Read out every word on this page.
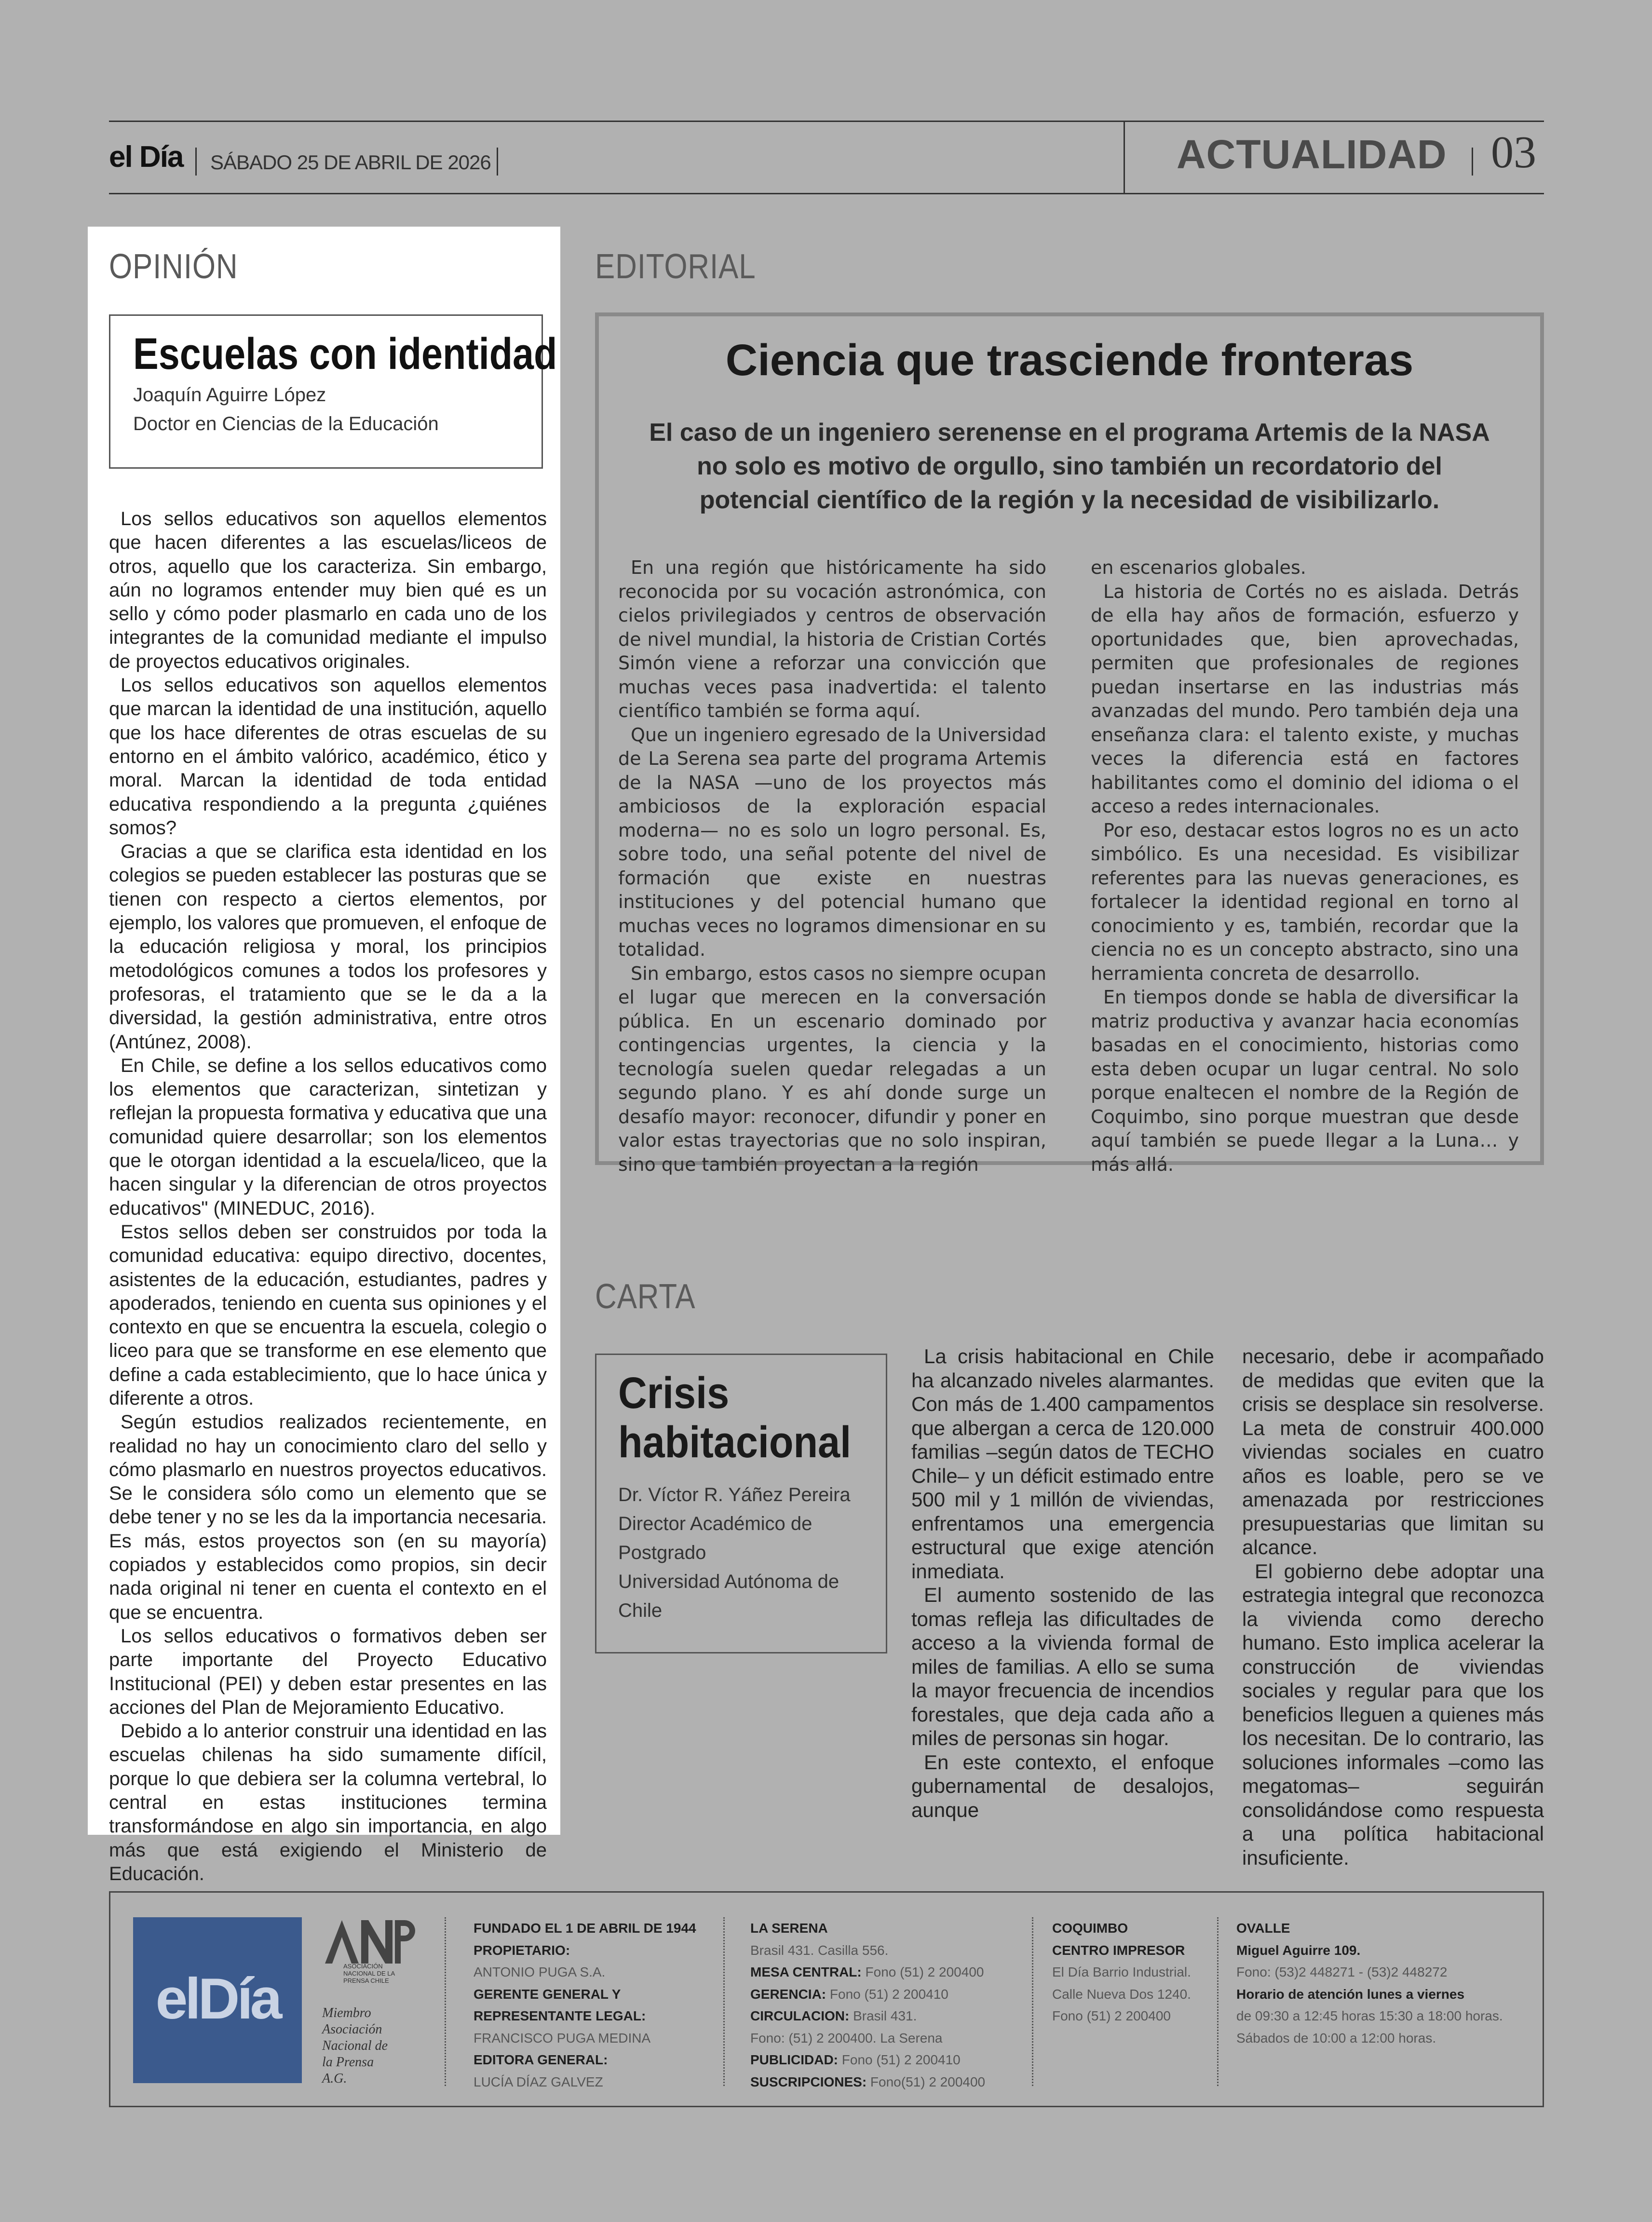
el Día SÁBADO 25 DE ABRIL DE 2026	ACTUALIDAD 03
OPINIÓN
Escuelas con identidad
Joaquín Aguirre López
Doctor en Ciencias de la Educación

Los sellos educativos son aquellos elementos que hacen diferentes a las escuelas/liceos de otros, aquello que los caracteriza. Sin embargo, aún no logramos entender muy bien qué es un sello y cómo poder plasmarlo en cada uno de los integrantes de la comunidad mediante el impulso de proyectos educativos originales.

Los sellos educativos son aquellos elementos que marcan la identidad de una institución, aquello que los hace diferentes de otras escuelas de su entorno en el ámbito valórico, académico, ético y moral. Marcan la identidad de toda entidad educativa respondiendo a la pregunta ¿quiénes somos?

Gracias a que se clarifica esta identidad en los colegios se pueden establecer las posturas que se tienen con respecto a ciertos elementos, por ejemplo, los valores que promueven, el enfoque de la educación religiosa y moral, los principios metodológicos comunes a todos los profesores y profesoras, el tratamiento que se le da a la diversidad, la gestión administrativa, entre otros (Antúnez, 2008).

En Chile, se define a los sellos educativos como los elementos que caracterizan, sintetizan y reflejan la propuesta formativa y educativa que una comunidad quiere desarrollar; son los elementos que le otorgan identidad a la escuela/liceo, que la hacen singular y la diferencian de otros proyectos educativos" (MINEDUC, 2016).

Estos sellos deben ser construidos por toda la comunidad educativa: equipo directivo, docentes, asistentes de la educación, estudiantes, padres y apoderados, teniendo en cuenta sus opiniones y el contexto en que se encuentra la escuela, colegio o liceo para que se transforme en ese elemento que define a cada establecimiento, que lo hace única y diferente a otros.

Según estudios realizados recientemente, en realidad no hay un conocimiento claro del sello y cómo plasmarlo en nuestros proyectos educativos. Se le considera sólo como un elemento que se debe tener y no se les da la importancia necesaria. Es más, estos proyectos son (en su mayoría) copiados y establecidos como propios, sin decir nada original ni tener en cuenta el contexto en el que se encuentra.

Los sellos educativos o formativos deben ser parte importante del Proyecto Educativo Institucional (PEI) y deben estar presentes en las acciones del Plan de Mejoramiento Educativo.

Debido a lo anterior construir una identidad en las escuelas chilenas ha sido sumamente difícil, porque lo que debiera ser la columna vertebral, lo central en estas instituciones termina transformándose en algo sin importancia, en algo más que está exigiendo el Ministerio de Educación.

EDITORIAL
Ciencia que trasciende fronteras
El caso de un ingeniero serenense en el programa Artemis de la NASA no solo es motivo de orgullo, sino también un recordatorio del potencial científico de la región y la necesidad de visibilizarlo.

En una región que históricamente ha sido reconocida por su vocación astronómica, con cielos privilegiados y centros de observación de nivel mundial, la historia de Cristian Cortés Simón viene a reforzar una convicción que muchas veces pasa inadvertida: el talento científico también se forma aquí.

Que un ingeniero egresado de la Universidad de La Serena sea parte del programa Artemis de la NASA —uno de los proyectos más ambiciosos de la exploración espacial moderna— no es solo un logro personal. Es, sobre todo, una señal potente del nivel de formación que existe en nuestras instituciones y del potencial humano que muchas veces no logramos dimensionar en su totalidad.

Sin embargo, estos casos no siempre ocupan el lugar que merecen en la conversación pública. En un escenario dominado por contingencias urgentes, la ciencia y la tecnología suelen quedar relegadas a un segundo plano. Y es ahí donde surge un desafío mayor: reconocer, difundir y poner en valor estas trayectorias que no solo inspiran, sino que también proyectan a la región

en escenarios globales.

La historia de Cortés no es aislada. Detrás de ella hay años de formación, esfuerzo y oportunidades que, bien aprovechadas, permiten que profesionales de regiones puedan insertarse en las industrias más avanzadas del mundo. Pero también deja una enseñanza clara: el talento existe, y muchas veces la diferencia está en factores habilitantes como el dominio del idioma o el acceso a redes internacionales.

Por eso, destacar estos logros no es un acto simbólico. Es una necesidad. Es visibilizar referentes para las nuevas generaciones, es fortalecer la identidad regional en torno al conocimiento y es, también, recordar que la ciencia no es un concepto abstracto, sino una herramienta concreta de desarrollo.

En tiempos donde se habla de diversificar la matriz productiva y avanzar hacia economías basadas en el conocimiento, historias como esta deben ocupar un lugar central. No solo porque enaltecen el nombre de la Región de Coquimbo, sino porque muestran que desde aquí también se puede llegar a la Luna… y más allá.

CARTA
Crisis habitacional
Dr. Víctor R. Yáñez Pereira
Director Académico de Postgrado
Universidad Autónoma de Chile

La crisis habitacional en Chile ha alcanzado niveles alarmantes. Con más de 1.400 campamentos que albergan a cerca de 120.000 familias –según datos de TECHO Chile– y un déficit estimado entre 500 mil y 1 millón de viviendas, enfrentamos una emergencia estructural que exige atención inmediata.

El aumento sostenido de las tomas refleja las dificultades de acceso a la vivienda formal de miles de familias. A ello se suma la mayor frecuencia de incendios forestales, que deja cada año a miles de personas sin hogar.

En este contexto, el enfoque gubernamental de desalojos, aunque

necesario, debe ir acompañado de medidas que eviten que la crisis se desplace sin resolverse. La meta de construir 400.000 viviendas sociales en cuatro años es loable, pero se ve amenazada por restricciones presupuestarias que limitan su alcance.

El gobierno debe adoptar una estrategia integral que reconozca la vivienda como derecho humano. Esto implica acelerar la construcción de viviendas sociales y regular para que los beneficios lleguen a quienes más los necesitan. De lo contrario, las soluciones informales –como las megatomas– seguirán consolidándose como respuesta a una política habitacional insuficiente.

elDía
ASOCIACIÓN NACIONAL DE LA PRENSA CHILE
Miembro Asociación Nacional de la Prensa A.G.
FUNDADO EL 1 DE ABRIL DE 1944
PROPIETARIO:
ANTONIO PUGA S.A.
GERENTE GENERAL Y
REPRESENTANTE LEGAL:
FRANCISCO PUGA MEDINA
EDITORA GENERAL:
LUCÍA DÍAZ GALVEZ
LA SERENA
Brasil 431. Casilla 556.
MESA CENTRAL: Fono (51) 2 200400
GERENCIA: Fono (51) 2 200410
CIRCULACION: Brasil 431.
Fono: (51) 2 200400. La Serena
PUBLICIDAD: Fono (51) 2 200410
SUSCRIPCIONES: Fono(51) 2 200400
COQUIMBO
CENTRO IMPRESOR
El Día Barrio Industrial.
Calle Nueva Dos 1240.
Fono (51) 2 200400
OVALLE
Miguel Aguirre 109.
Fono: (53)2 448271 - (53)2 448272
Horario de atención lunes a viernes
de 09:30 a 12:45 horas 15:30 a 18:00 horas.
Sábados de 10:00 a 12:00 horas.
